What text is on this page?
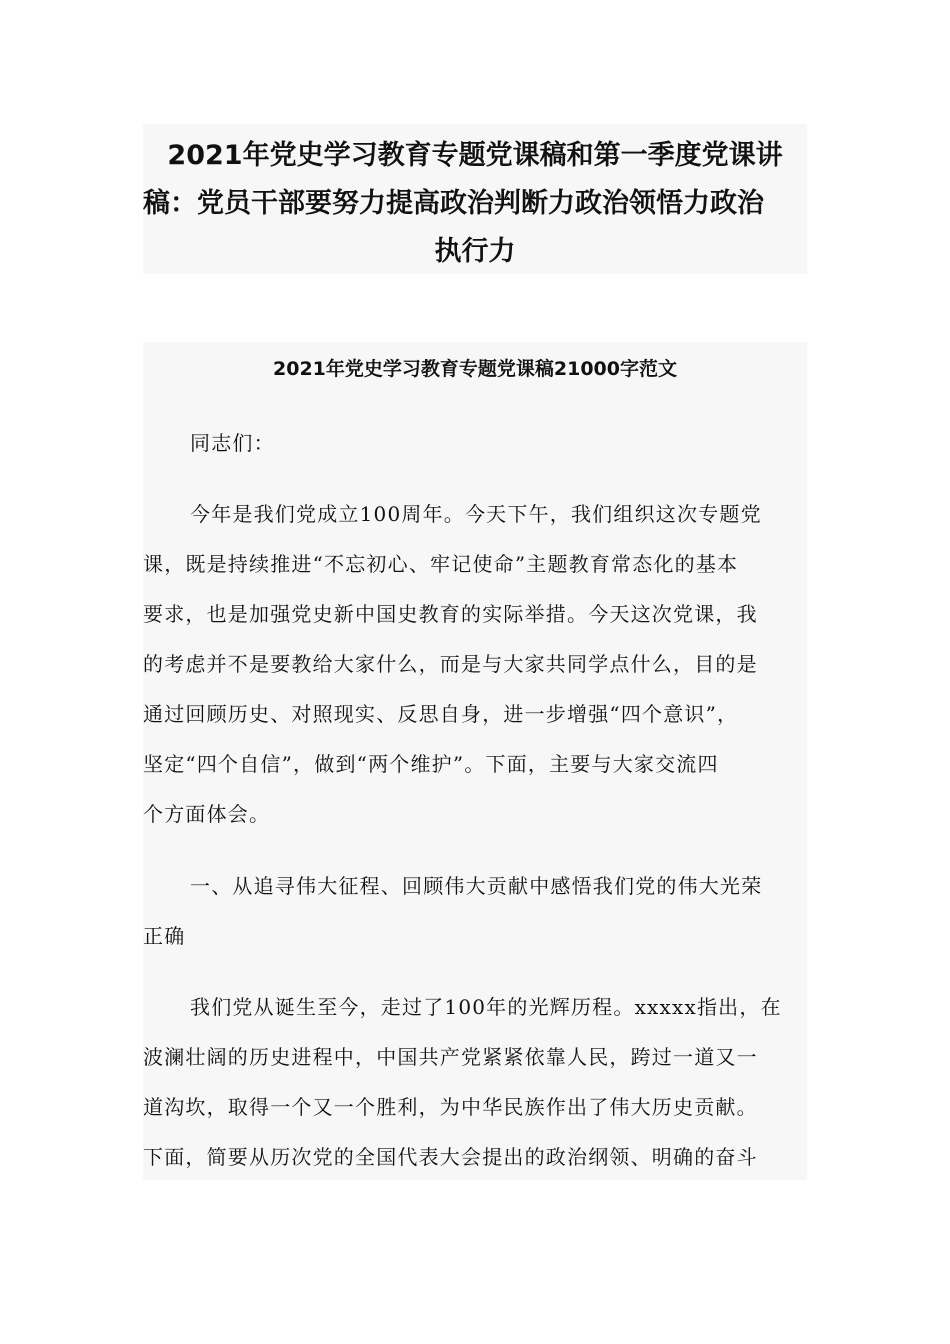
2021年党史学习教育专题党课稿和第一季度党课讲
稿：党员干部要努力提高政治判断力政治领悟力政治
执行力
2021年党史学习教育专题党课稿21000字范文
同志们：
今年是我们党成立100周年。今天下午，我们组织这次专题党
课，既是持续推进“不忘初心、牢记使命”主题教育常态化的基本
要求，也是加强党史新中国史教育的实际举措。今天这次党课，我
的考虑并不是要教给大家什么，而是与大家共同学点什么，目的是
通过回顾历史、对照现实、反思自身，进一步增强“四个意识”，
坚定“四个自信”，做到“两个维护”。下面，主要与大家交流四
个方面体会。
一、从追寻伟大征程、回顾伟大贡献中感悟我们党的伟大光荣
正确
我们党从诞生至今，走过了100年的光辉历程。xxxxx指出，在
波澜壮阔的历史进程中，中国共产党紧紧依靠人民，跨过一道又一
道沟坎，取得一个又一个胜利，为中华民族作出了伟大历史贡献。
下面，简要从历次党的全国代表大会提出的政治纲领、明确的奋斗
